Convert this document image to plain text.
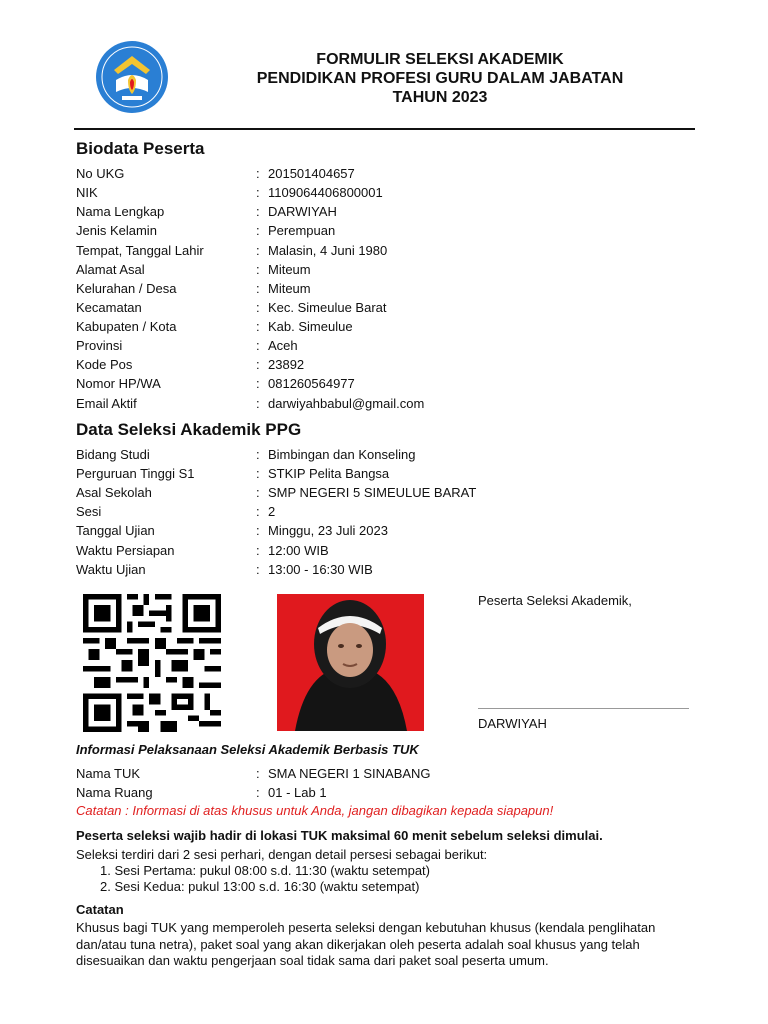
FORMULIR SELEKSI AKADEMIK
PENDIDIKAN PROFESI GURU DALAM JABATAN
TAHUN 2023
Biodata Peserta
No UKG	: 201501404657
NIK	: 1109064406800001
Nama Lengkap	: DARWIYAH
Jenis Kelamin	: Perempuan
Tempat, Tanggal Lahir	: Malasin, 4 Juni 1980
Alamat Asal	: Miteum
Kelurahan / Desa	: Miteum
Kecamatan	: Kec. Simeulue Barat
Kabupaten / Kota	: Kab. Simeulue
Provinsi	: Aceh
Kode Pos	: 23892
Nomor HP/WA	: 081260564977
Email Aktif	: darwiyahbabul@gmail.com
Data Seleksi Akademik PPG
Bidang Studi	: Bimbingan dan Konseling
Perguruan Tinggi S1	: STKIP Pelita Bangsa
Asal Sekolah	: SMP NEGERI 5 SIMEULUE BARAT
Sesi	: 2
Tanggal Ujian	: Minggu, 23 Juli 2023
Waktu Persiapan	: 12:00 WIB
Waktu Ujian	: 13:00 - 16:30 WIB
Peserta Seleksi Akademik,
DARWIYAH
Informasi Pelaksanaan Seleksi Akademik Berbasis TUK
Nama TUK	: SMA NEGERI 1 SINABANG
Nama Ruang	: 01 - Lab 1
Catatan : Informasi di atas khusus untuk Anda, jangan dibagikan kepada siapapun!
Peserta seleksi wajib hadir di lokasi TUK maksimal 60 menit sebelum seleksi dimulai.
Seleksi terdiri dari 2 sesi perhari, dengan detail persesi sebagai berikut:
1. Sesi Pertama: pukul 08:00 s.d. 11:30 (waktu setempat)
2. Sesi Kedua: pukul 13:00 s.d. 16:30 (waktu setempat)
Catatan
Khusus bagi TUK yang memperoleh peserta seleksi dengan kebutuhan khusus (kendala penglihatan dan/atau tuna netra), paket soal yang akan dikerjakan oleh peserta adalah soal khusus yang telah disesuaikan dan waktu pengerjaan soal tidak sama dari paket soal peserta umum.
